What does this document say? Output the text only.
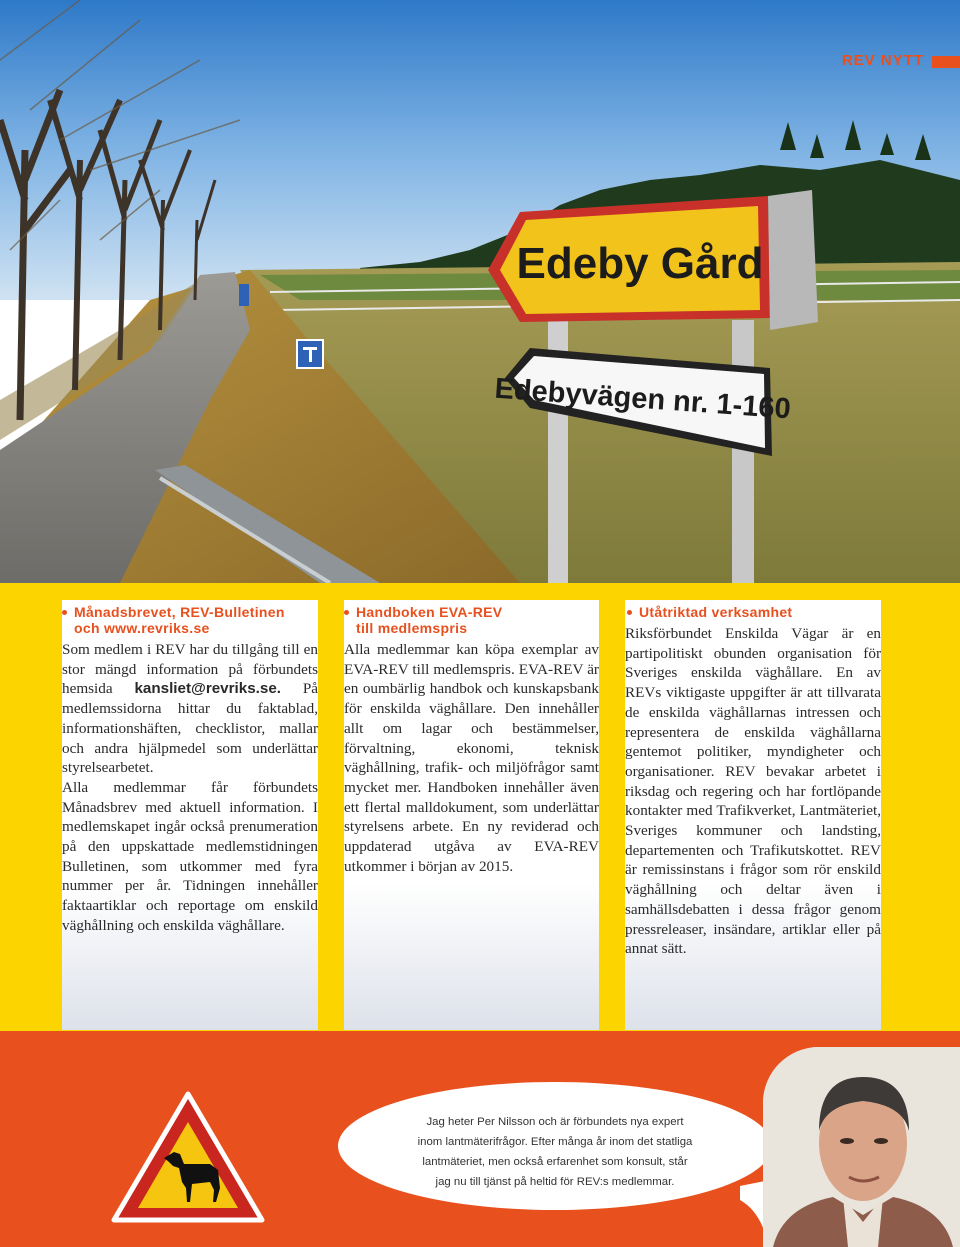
Edeby Gård
Edebyvägen nr. 1-160
REV NYTT
Månadsbrevet, REV-Bulletinen
och www.revriks.se

Som medlem i REV har du tillgång till en stor mängd information på förbundets hemsida kansliet@revriks.se. På medlemssidorna hittar du faktablad, informationshäften, checklistor, mallar och andra hjälpmedel som underlättar styrelsearbetet.

Alla medlemmar får förbundets Månadsbrev med aktuell information. I medlemskapet ingår också prenumeration på den uppskattade medlemstidningen Bulletinen, som utkommer med fyra nummer per år. Tidningen innehåller faktaartiklar och reportage om enskild väghållning och enskilda väghållare.

Handboken EVA-REV
till medlemspris

Alla medlemmar kan köpa exemplar av EVA-REV till medlemspris. EVA-REV är en oumbärlig handbok och kunskapsbank för enskilda väghållare. Den innehåller allt om lagar och bestämmelser, förvaltning, ekonomi, teknisk väghållning, trafik- och miljöfrågor samt mycket mer. Handboken innehåller även ett flertal malldokument, som underlättar styrelsens arbete. En ny reviderad och uppdaterad utgåva av EVA-REV utkommer i början av 2015.

Utåtriktad verksamhet

Riksförbundet Enskilda Vägar är en partipolitiskt obunden organisation för Sveriges enskilda väghållare. En av REVs viktigaste uppgifter är att tillvarata de enskilda väghållarnas intressen och representera de enskilda väghållarna gentemot politiker, myndigheter och organisationer. REV bevakar arbetet i riksdag och regering och har fortlöpande kontakter med Trafikverket, Lantmäteriet, Sveriges kommuner och landsting, departementen och Trafikutskottet. REV är remissinstans i frågor som rör enskild väghållning och deltar även i samhällsdebatten i dessa frågor genom pressreleaser, insändare, artiklar eller på annat sätt.

Jag heter Per Nilsson och är förbundets nya expert
inom lantmäterifrågor. Efter många år inom det statliga
lantmäteriet, men också erfarenhet som konsult, står
jag nu till tjänst på heltid för REV:s medlemmar.
